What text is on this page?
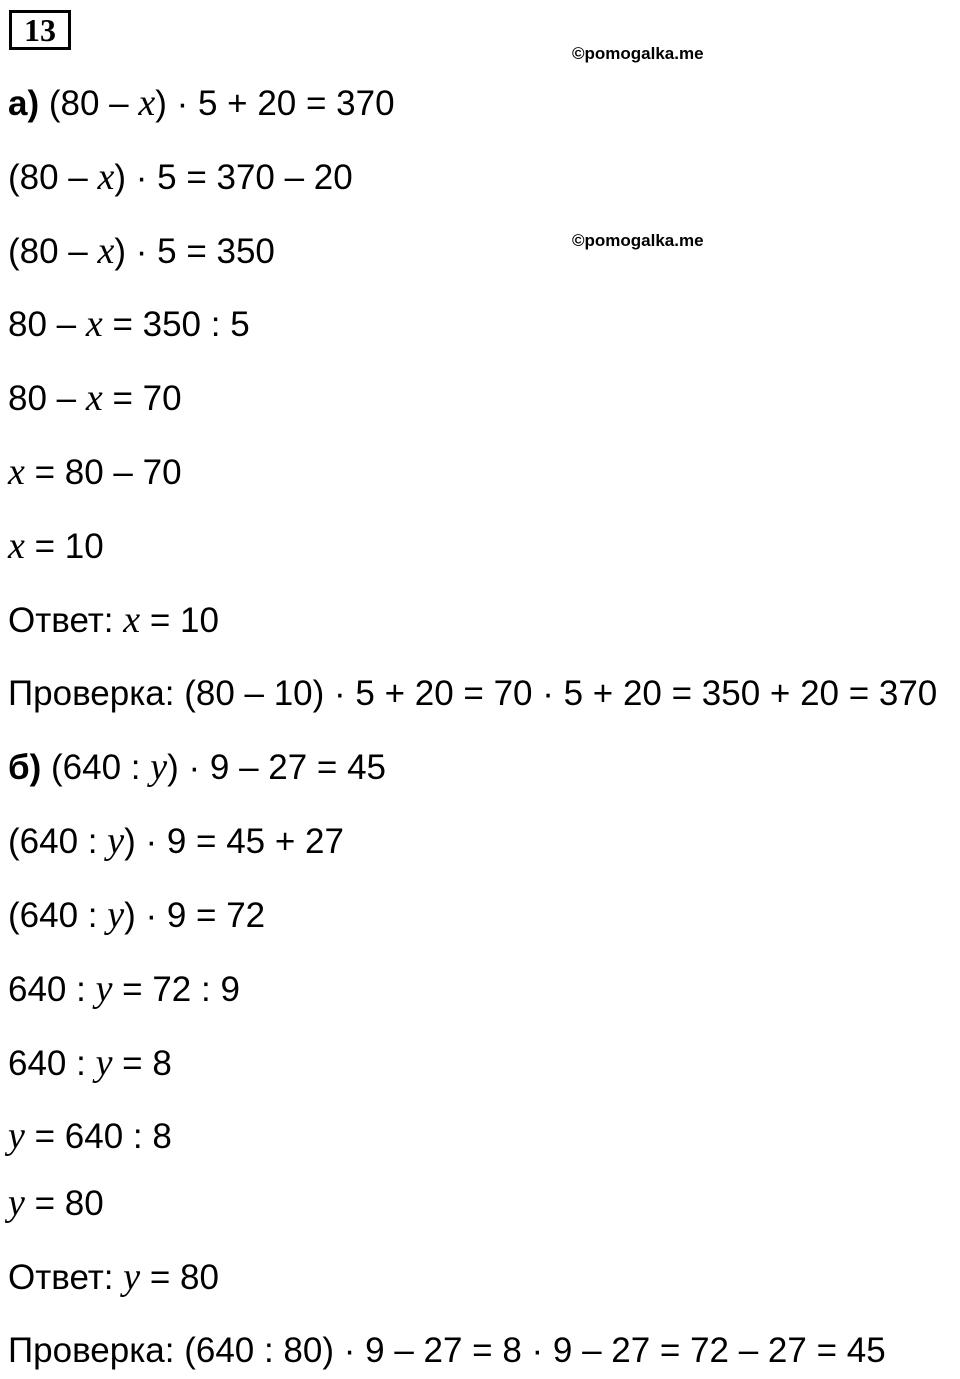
13
©pomogalka.me
©pomogalka.me
а) (80 – x) · 5 + 20 = 370
(80 – x) · 5 = 370 – 20
(80 – x) · 5 = 350
80 – x = 350 : 5
80 – x = 70
x = 80 – 70
x = 10
Ответ: x = 10
Проверка: (80 – 10) · 5 + 20 = 70 · 5 + 20 = 350 + 20 = 370
б) (640 : y) · 9 – 27 = 45
(640 : y) · 9 = 45 + 27
(640 : y) · 9 = 72
640 : y = 72 : 9
640 : y = 8
y = 640 : 8
y = 80
Ответ: y = 80
Проверка: (640 : 80) · 9 – 27 = 8 · 9 – 27 = 72 – 27 = 45
